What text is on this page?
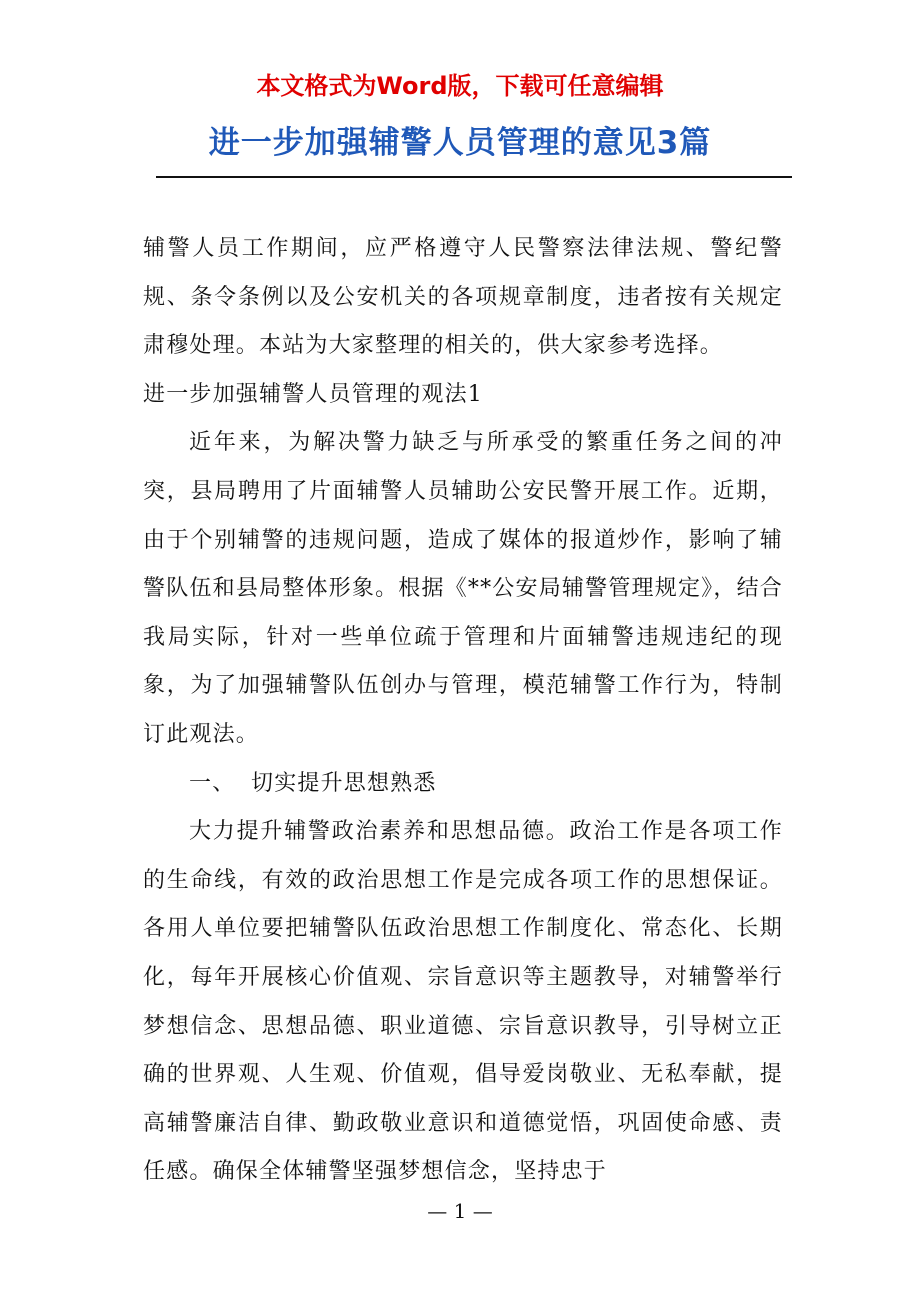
本文格式为Word版，下载可任意编辑
进一步加强辅警人员管理的意见3篇

辅警人员工作期间，应严格遵守人民警察法律法规、警纪警规、条令条例以及公安机关的各项规章制度，违者按有关规定肃穆处理。本站为大家整理的相关的，供大家参考选择。

进一步加强辅警人员管理的观法1

近年来，为解决警力缺乏与所承受的繁重任务之间的冲突，县局聘用了片面辅警人员辅助公安民警开展工作。近期，由于个别辅警的违规问题，造成了媒体的报道炒作，影响了辅警队伍和县局整体形象。根据《**公安局辅警管理规定》，结合我局实际，针对一些单位疏于管理和片面辅警违规违纪的现象，为了加强辅警队伍创办与管理，模范辅警工作行为，特制订此观法。

一、 切实提升思想熟悉

大力提升辅警政治素养和思想品德。政治工作是各项工作的生命线，有效的政治思想工作是完成各项工作的思想保证。各用人单位要把辅警队伍政治思想工作制度化、常态化、长期化，每年开展核心价值观、宗旨意识等主题教导，对辅警举行梦想信念、思想品德、职业道德、宗旨意识教导，引导树立正确的世界观、人生观、价值观，倡导爱岗敬业、无私奉献，提高辅警廉洁自律、勤政敬业意识和道德觉悟，巩固使命感、责任感。确保全体辅警坚强梦想信念，坚持忠于

— 1 —
